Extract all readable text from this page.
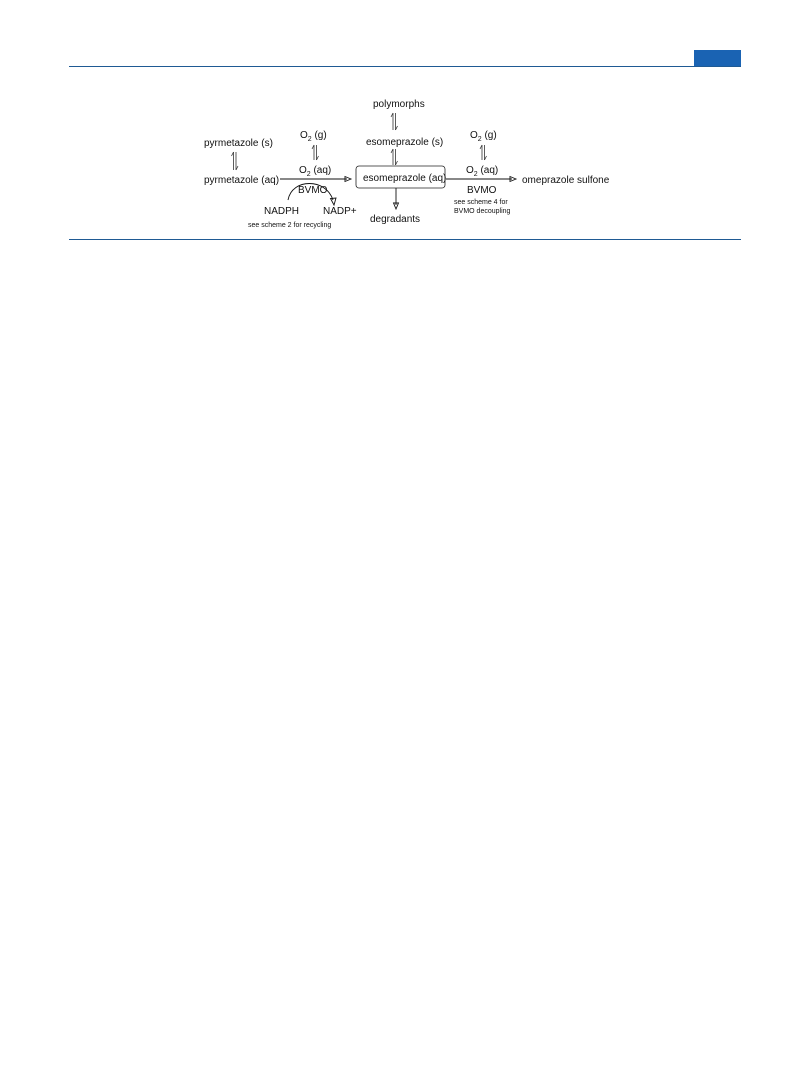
pyrmetazole (s)
pyrmetazole (aq)
$O_2$ (g)
$O_2$ (aq)
polymorphs
esomeprazole (s)
esomeprazole (aq)
degradants
$O_2$ (g)
$O_2$ (aq)
omeprazole sulfone
BVMO	BVMO
NADPH NADP+
see scheme 2 for recycling
see scheme 4 for
BVMO decoupling
